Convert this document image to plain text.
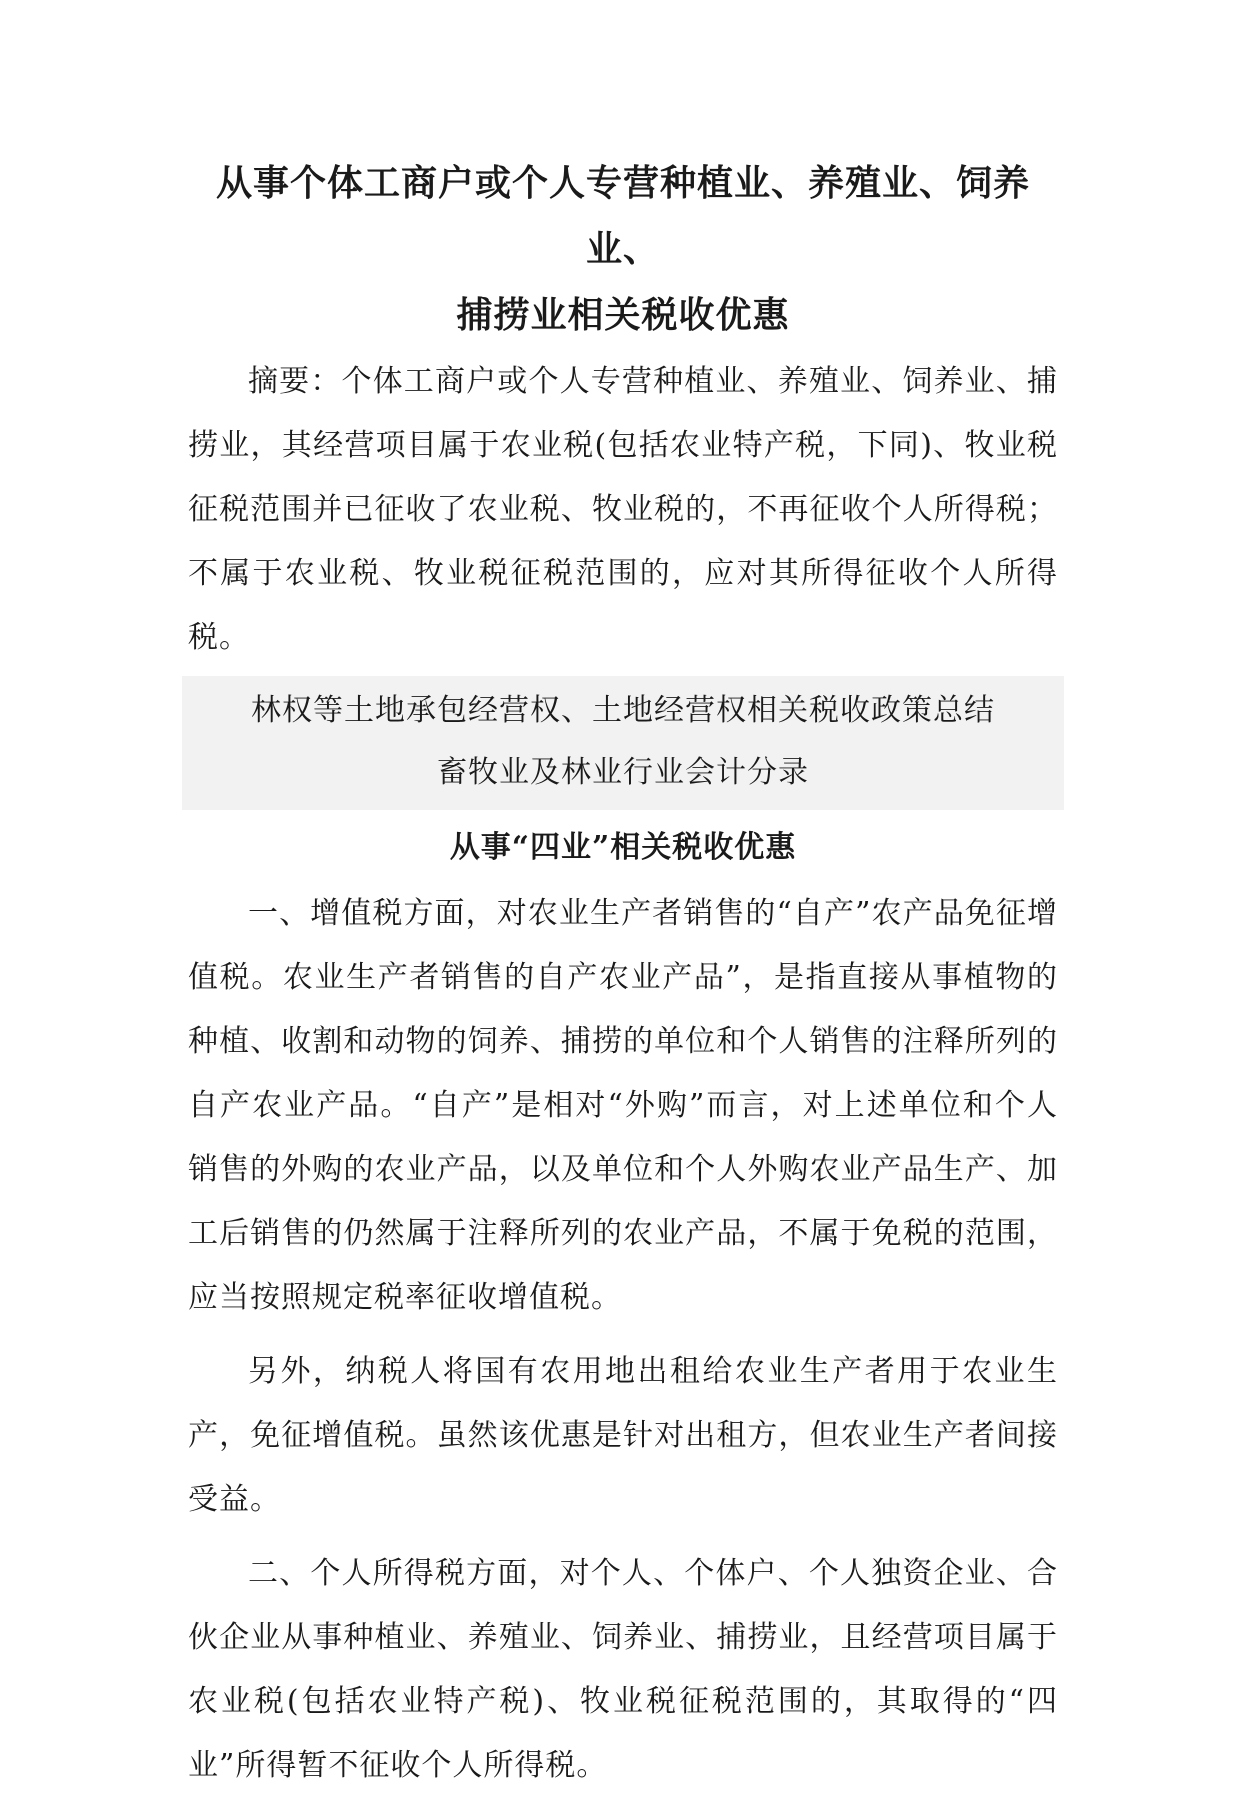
从事个体工商户或个人专营种植业、养殖业、饲养业、
捕捞业相关税收优惠

摘要：个体工商户或个人专营种植业、养殖业、饲养业、捕捞业，其经营项目属于农业税(包括农业特产税，下同)、牧业税征税范围并已征收了农业税、牧业税的，不再征收个人所得税；不属于农业税、牧业税征税范围的，应对其所得征收个人所得税。

林权等土地承包经营权、土地经营权相关税收政策总结
畜牧业及林业行业会计分录
从事“四业”相关税收优惠

一、增值税方面，对农业生产者销售的“自产”农产品免征增值税。农业生产者销售的自产农业产品”，是指直接从事植物的种植、收割和动物的饲养、捕捞的单位和个人销售的注释所列的自产农业产品。“自产”是相对“外购”而言，对上述单位和个人销售的外购的农业产品，以及单位和个人外购农业产品生产、加工后销售的仍然属于注释所列的农业产品，不属于免税的范围，应当按照规定税率征收增值税。

另外，纳税人将国有农用地出租给农业生产者用于农业生产，免征增值税。虽然该优惠是针对出租方，但农业生产者间接受益。

二、个人所得税方面，对个人、个体户、个人独资企业、合伙企业从事种植业、养殖业、饲养业、捕捞业，且经营项目属于农业税(包括农业特产税)、牧业税征税范围的，其取得的“四业”所得暂不征收个人所得税。
